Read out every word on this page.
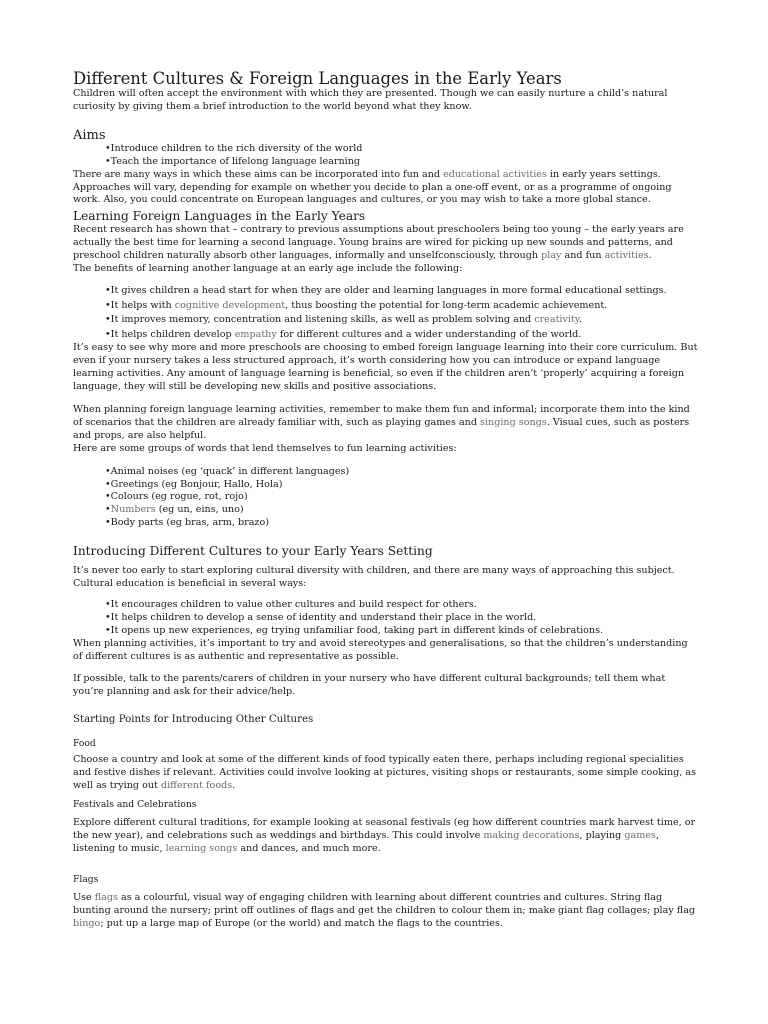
Different Cultures & Foreign Languages in the Early Years

Children will often accept the environment with which they are presented. Though we can easily nurture a child’s natural curiosity by giving them a brief introduction to the world beyond what they know.

Aims
• Introduce children to the rich diversity of the world
• Teach the importance of lifelong language learning

There are many ways in which these aims can be incorporated into fun and educational activities in early years settings. Approaches will vary, depending for example on whether you decide to plan a one-off event, or as a programme of ongoing work. Also, you could concentrate on European languages and cultures, or you may wish to take a more global stance.

Learning Foreign Languages in the Early Years

Recent research has shown that – contrary to previous assumptions about preschoolers being too young – the early years are actually the best time for learning a second language. Young brains are wired for picking up new sounds and patterns, and preschool children naturally absorb other languages, informally and unselfconsciously, through play and fun activities.

The benefits of learning another language at an early age include the following:

• It gives children a head start for when they are older and learning languages in more formal educational settings.
• It helps with cognitive development, thus boosting the potential for long-term academic achievement.
• It improves memory, concentration and listening skills, as well as problem solving and creativity.
• It helps children develop empathy for different cultures and a wider understanding of the world.

It’s easy to see why more and more preschools are choosing to embed foreign language learning into their core curriculum. But even if your nursery takes a less structured approach, it’s worth considering how you can introduce or expand language learning activities. Any amount of language learning is beneficial, so even if the children aren’t ‘properly’ acquiring a foreign language, they will still be developing new skills and positive associations.

When planning foreign language learning activities, remember to make them fun and informal; incorporate them into the kind of scenarios that the children are already familiar with, such as playing games and singing songs. Visual cues, such as posters and props, are also helpful.

Here are some groups of words that lend themselves to fun learning activities:

• Animal noises (eg ‘quack’ in different languages)
• Greetings (eg Bonjour, Hallo, Hola)
• Colours (eg rogue, rot, rojo)
• Numbers (eg un, eins, uno)
• Body parts (eg bras, arm, brazo)
Introducing Different Cultures to your Early Years Setting

It’s never too early to start exploring cultural diversity with children, and there are many ways of approaching this subject. Cultural education is beneficial in several ways:

• It encourages children to value other cultures and build respect for others.
• It helps children to develop a sense of identity and understand their place in the world.
• It opens up new experiences, eg trying unfamiliar food, taking part in different kinds of celebrations.

When planning activities, it’s important to try and avoid stereotypes and generalisations, so that the children’s understanding of different cultures is as authentic and representative as possible.

If possible, talk to the parents/carers of children in your nursery who have different cultural backgrounds; tell them what you’re planning and ask for their advice/help.

Starting Points for Introducing Other Cultures
Food

Choose a country and look at some of the different kinds of food typically eaten there, perhaps including regional specialities and festive dishes if relevant. Activities could involve looking at pictures, visiting shops or restaurants, some simple cooking, as well as trying out different foods.

Festivals and Celebrations

Explore different cultural traditions, for example looking at seasonal festivals (eg how different countries mark harvest time, or the new year), and celebrations such as weddings and birthdays. This could involve making decorations, playing games, listening to music, learning songs and dances, and much more.

Flags

Use flags as a colourful, visual way of engaging children with learning about different countries and cultures. String flag bunting around the nursery; print off outlines of flags and get the children to colour them in; make giant flag collages; play flag bingo; put up a large map of Europe (or the world) and match the flags to the countries.
